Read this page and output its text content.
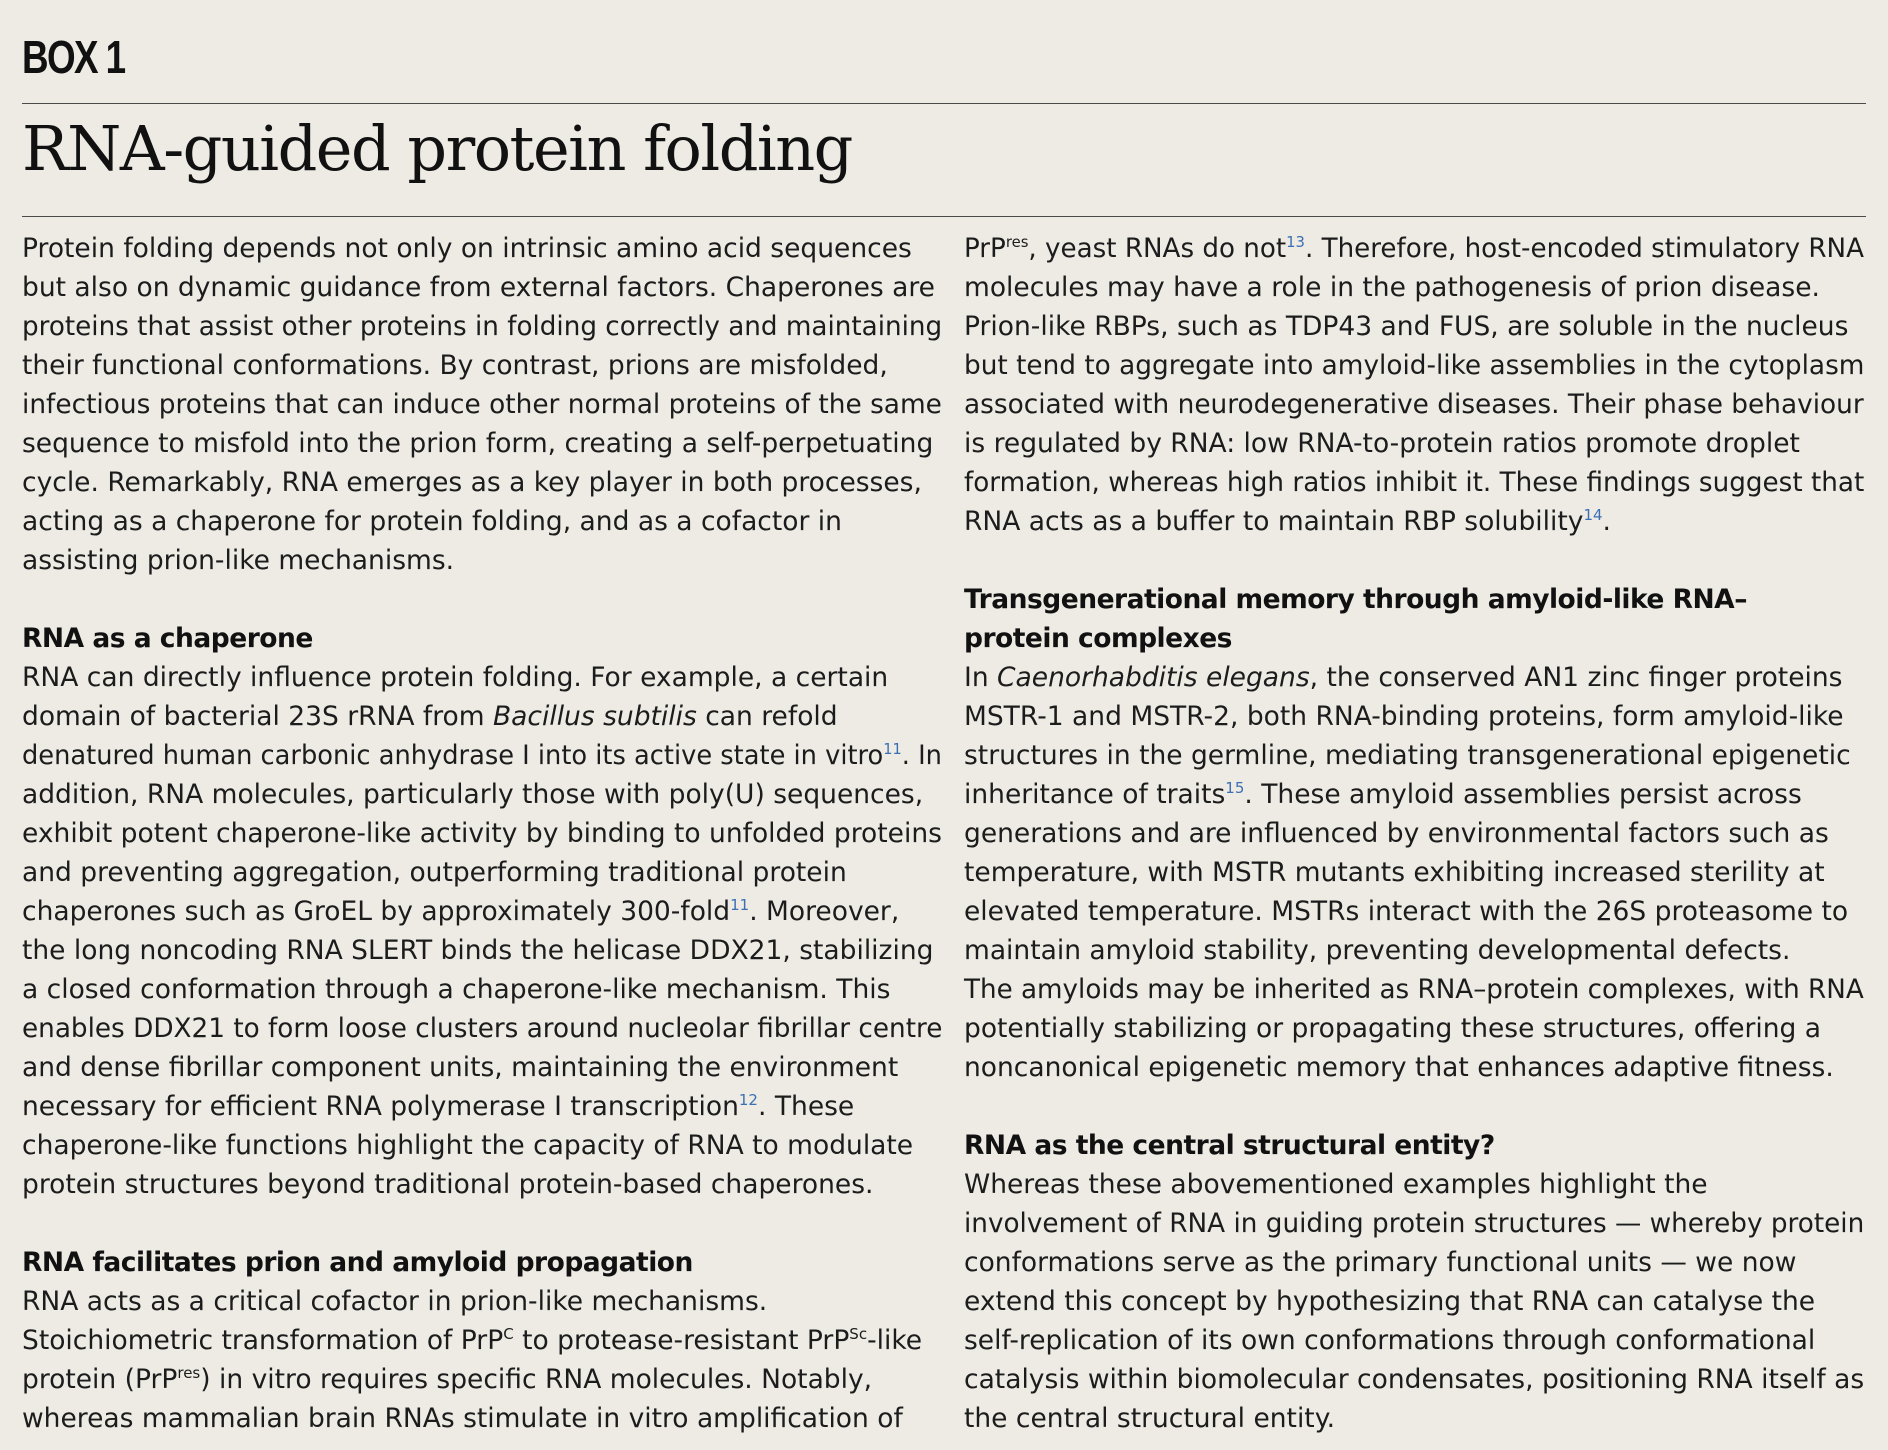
BOX 1
RNA-guided protein folding

Protein folding depends not only on intrinsic amino acid sequences
but also on dynamic guidance from external factors. Chaperones are
proteins that assist other proteins in folding correctly and maintaining
their functional conformations. By contrast, prions are misfolded,
infectious proteins that can induce other normal proteins of the same
sequence to misfold into the prion form, creating a self-perpetuating
cycle. Remarkably, RNA emerges as a key player in both processes,
acting as a chaperone for protein folding, and as a cofactor in
assisting prion-like mechanisms.

RNA as a chaperone

RNA can directly influence protein folding. For example, a certain
domain of bacterial 23S rRNA from Bacillus subtilis can refold
denatured human carbonic anhydrase I into its active state in vitro$^{11}$. In
addition, RNA molecules, particularly those with poly(U) sequences,
exhibit potent chaperone-like activity by binding to unfolded proteins
and preventing aggregation, outperforming traditional protein
chaperones such as GroEL by approximately 300-fold$^{11}$. Moreover,
the long noncoding RNA SLERT binds the helicase DDX21, stabilizing
a closed conformation through a chaperone-like mechanism. This
enables DDX21 to form loose clusters around nucleolar fibrillar centre
and dense fibrillar component units, maintaining the environment
necessary for efficient RNA polymerase I transcription$^{12}$. These
chaperone-like functions highlight the capacity of RNA to modulate
protein structures beyond traditional protein-based chaperones.

RNA facilitates prion and amyloid propagation

RNA acts as a critical cofactor in prion-like mechanisms.
Stoichiometric transformation of PrP$^C$ to protease-resistant PrP$^{Sc}$-like
protein (PrP$^{res}$) in vitro requires specific RNA molecules. Notably,
whereas mammalian brain RNAs stimulate in vitro amplification of

PrP$^{res}$, yeast RNAs do not$^{13}$. Therefore, host-encoded stimulatory RNA
molecules may have a role in the pathogenesis of prion disease.
Prion-like RBPs, such as TDP43 and FUS, are soluble in the nucleus
but tend to aggregate into amyloid-like assemblies in the cytoplasm
associated with neurodegenerative diseases. Their phase behaviour
is regulated by RNA: low RNA-to-protein ratios promote droplet
formation, whereas high ratios inhibit it. These findings suggest that
RNA acts as a buffer to maintain RBP solubility$^{14}$.

Transgenerational memory through amyloid-like RNA–
protein complexes

In Caenorhabditis elegans, the conserved AN1 zinc finger proteins
MSTR-1 and MSTR-2, both RNA-binding proteins, form amyloid-like
structures in the germline, mediating transgenerational epigenetic
inheritance of traits$^{15}$. These amyloid assemblies persist across
generations and are influenced by environmental factors such as
temperature, with MSTR mutants exhibiting increased sterility at
elevated temperature. MSTRs interact with the 26S proteasome to
maintain amyloid stability, preventing developmental defects.
The amyloids may be inherited as RNA–protein complexes, with RNA
potentially stabilizing or propagating these structures, offering a
noncanonical epigenetic memory that enhances adaptive fitness.

RNA as the central structural entity?

Whereas these abovementioned examples highlight the
involvement of RNA in guiding protein structures — whereby protein
conformations serve as the primary functional units — we now
extend this concept by hypothesizing that RNA can catalyse the
self-replication of its own conformations through conformational
catalysis within biomolecular condensates, positioning RNA itself as
the central structural entity.
